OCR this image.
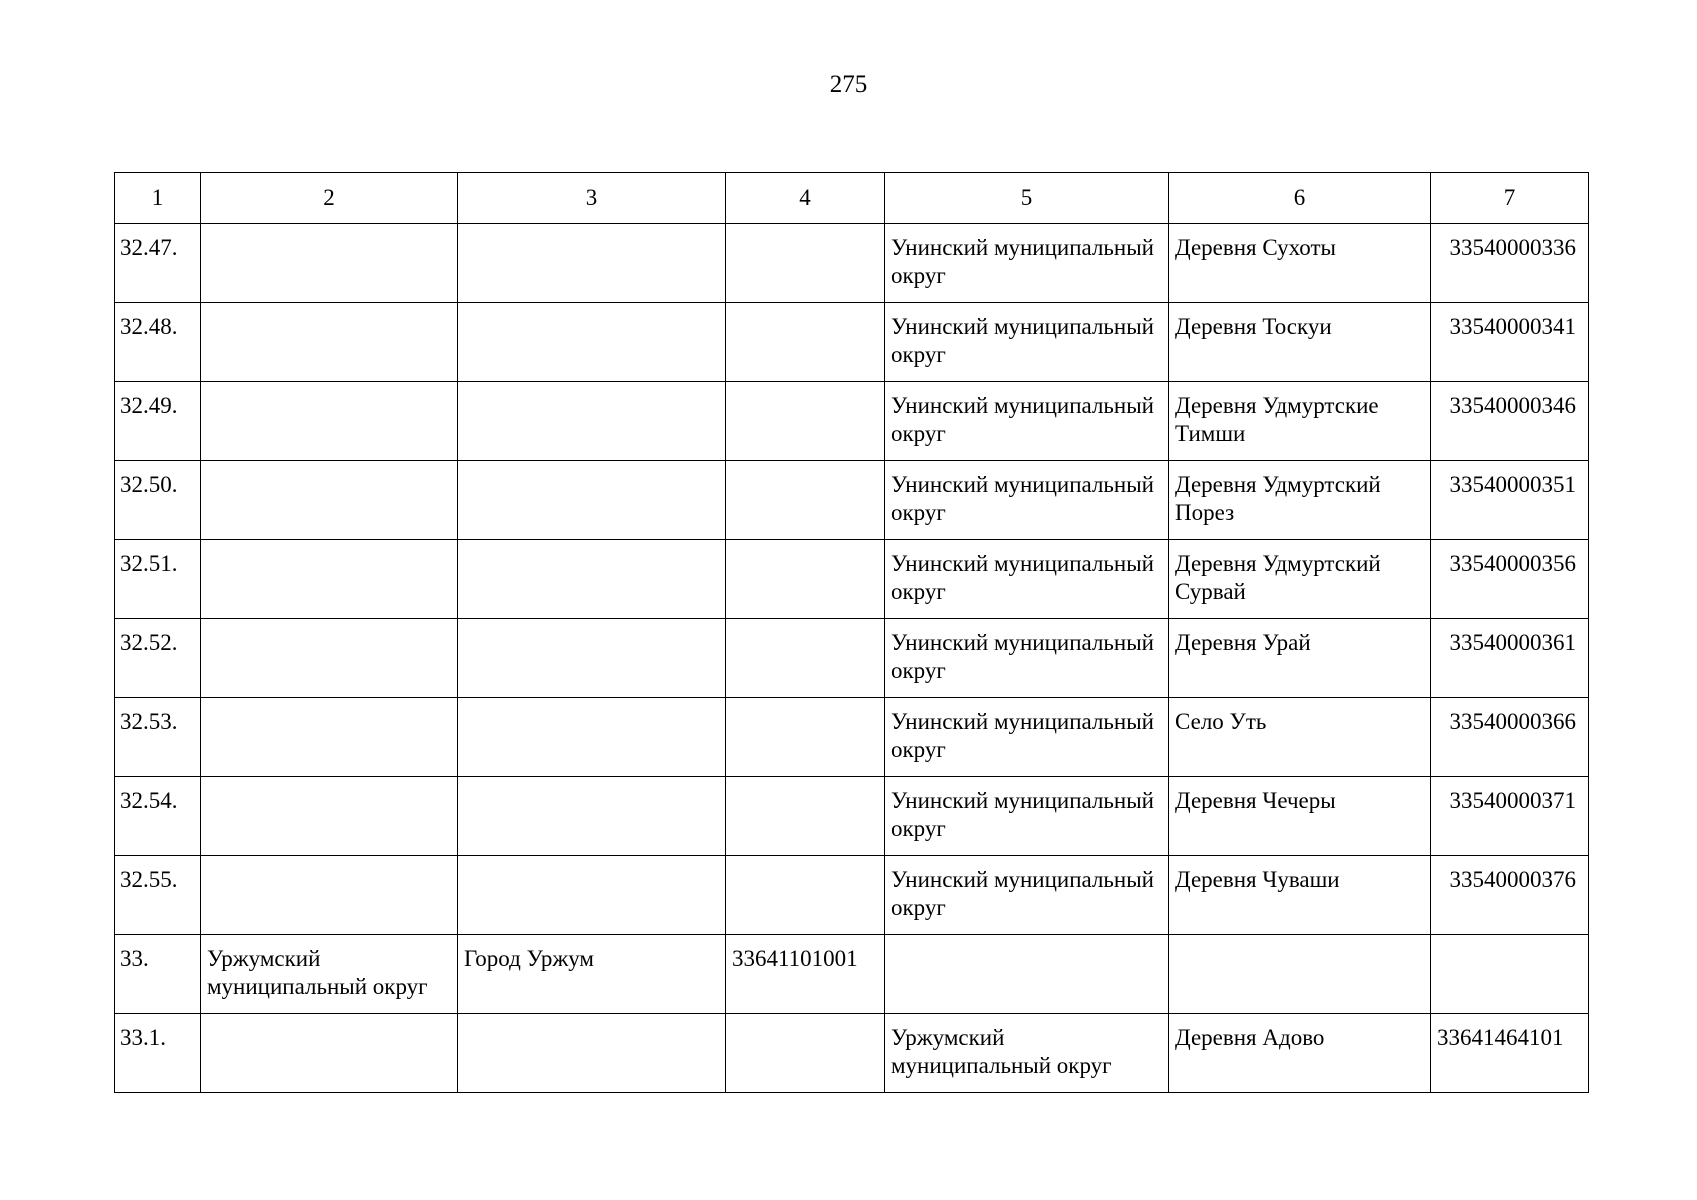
275
1	2	3	4	5	6	7
32.47.				Унинский муниципальный округ	Деревня Сухоты	33540000336
32.48.				Унинский муниципальный округ	Деревня Тоскуи	33540000341
32.49.				Унинский муниципальный округ	Деревня Удмуртские Тимши	33540000346
32.50.				Унинский муниципальный округ	Деревня Удмуртский Порез	33540000351
32.51.				Унинский муниципальный округ	Деревня Удмуртский Сурвай	33540000356
32.52.				Унинский муниципальный округ	Деревня Урай	33540000361
32.53.				Унинский муниципальный округ	Село Уть	33540000366
32.54.				Унинский муниципальный округ	Деревня Чечеры	33540000371
32.55.				Унинский муниципальный округ	Деревня Чуваши	33540000376
33.	Уржумский муниципальный округ	Город Уржум	33641101001			
33.1.				Уржумский муниципальный округ	Деревня Адово	33641464101
